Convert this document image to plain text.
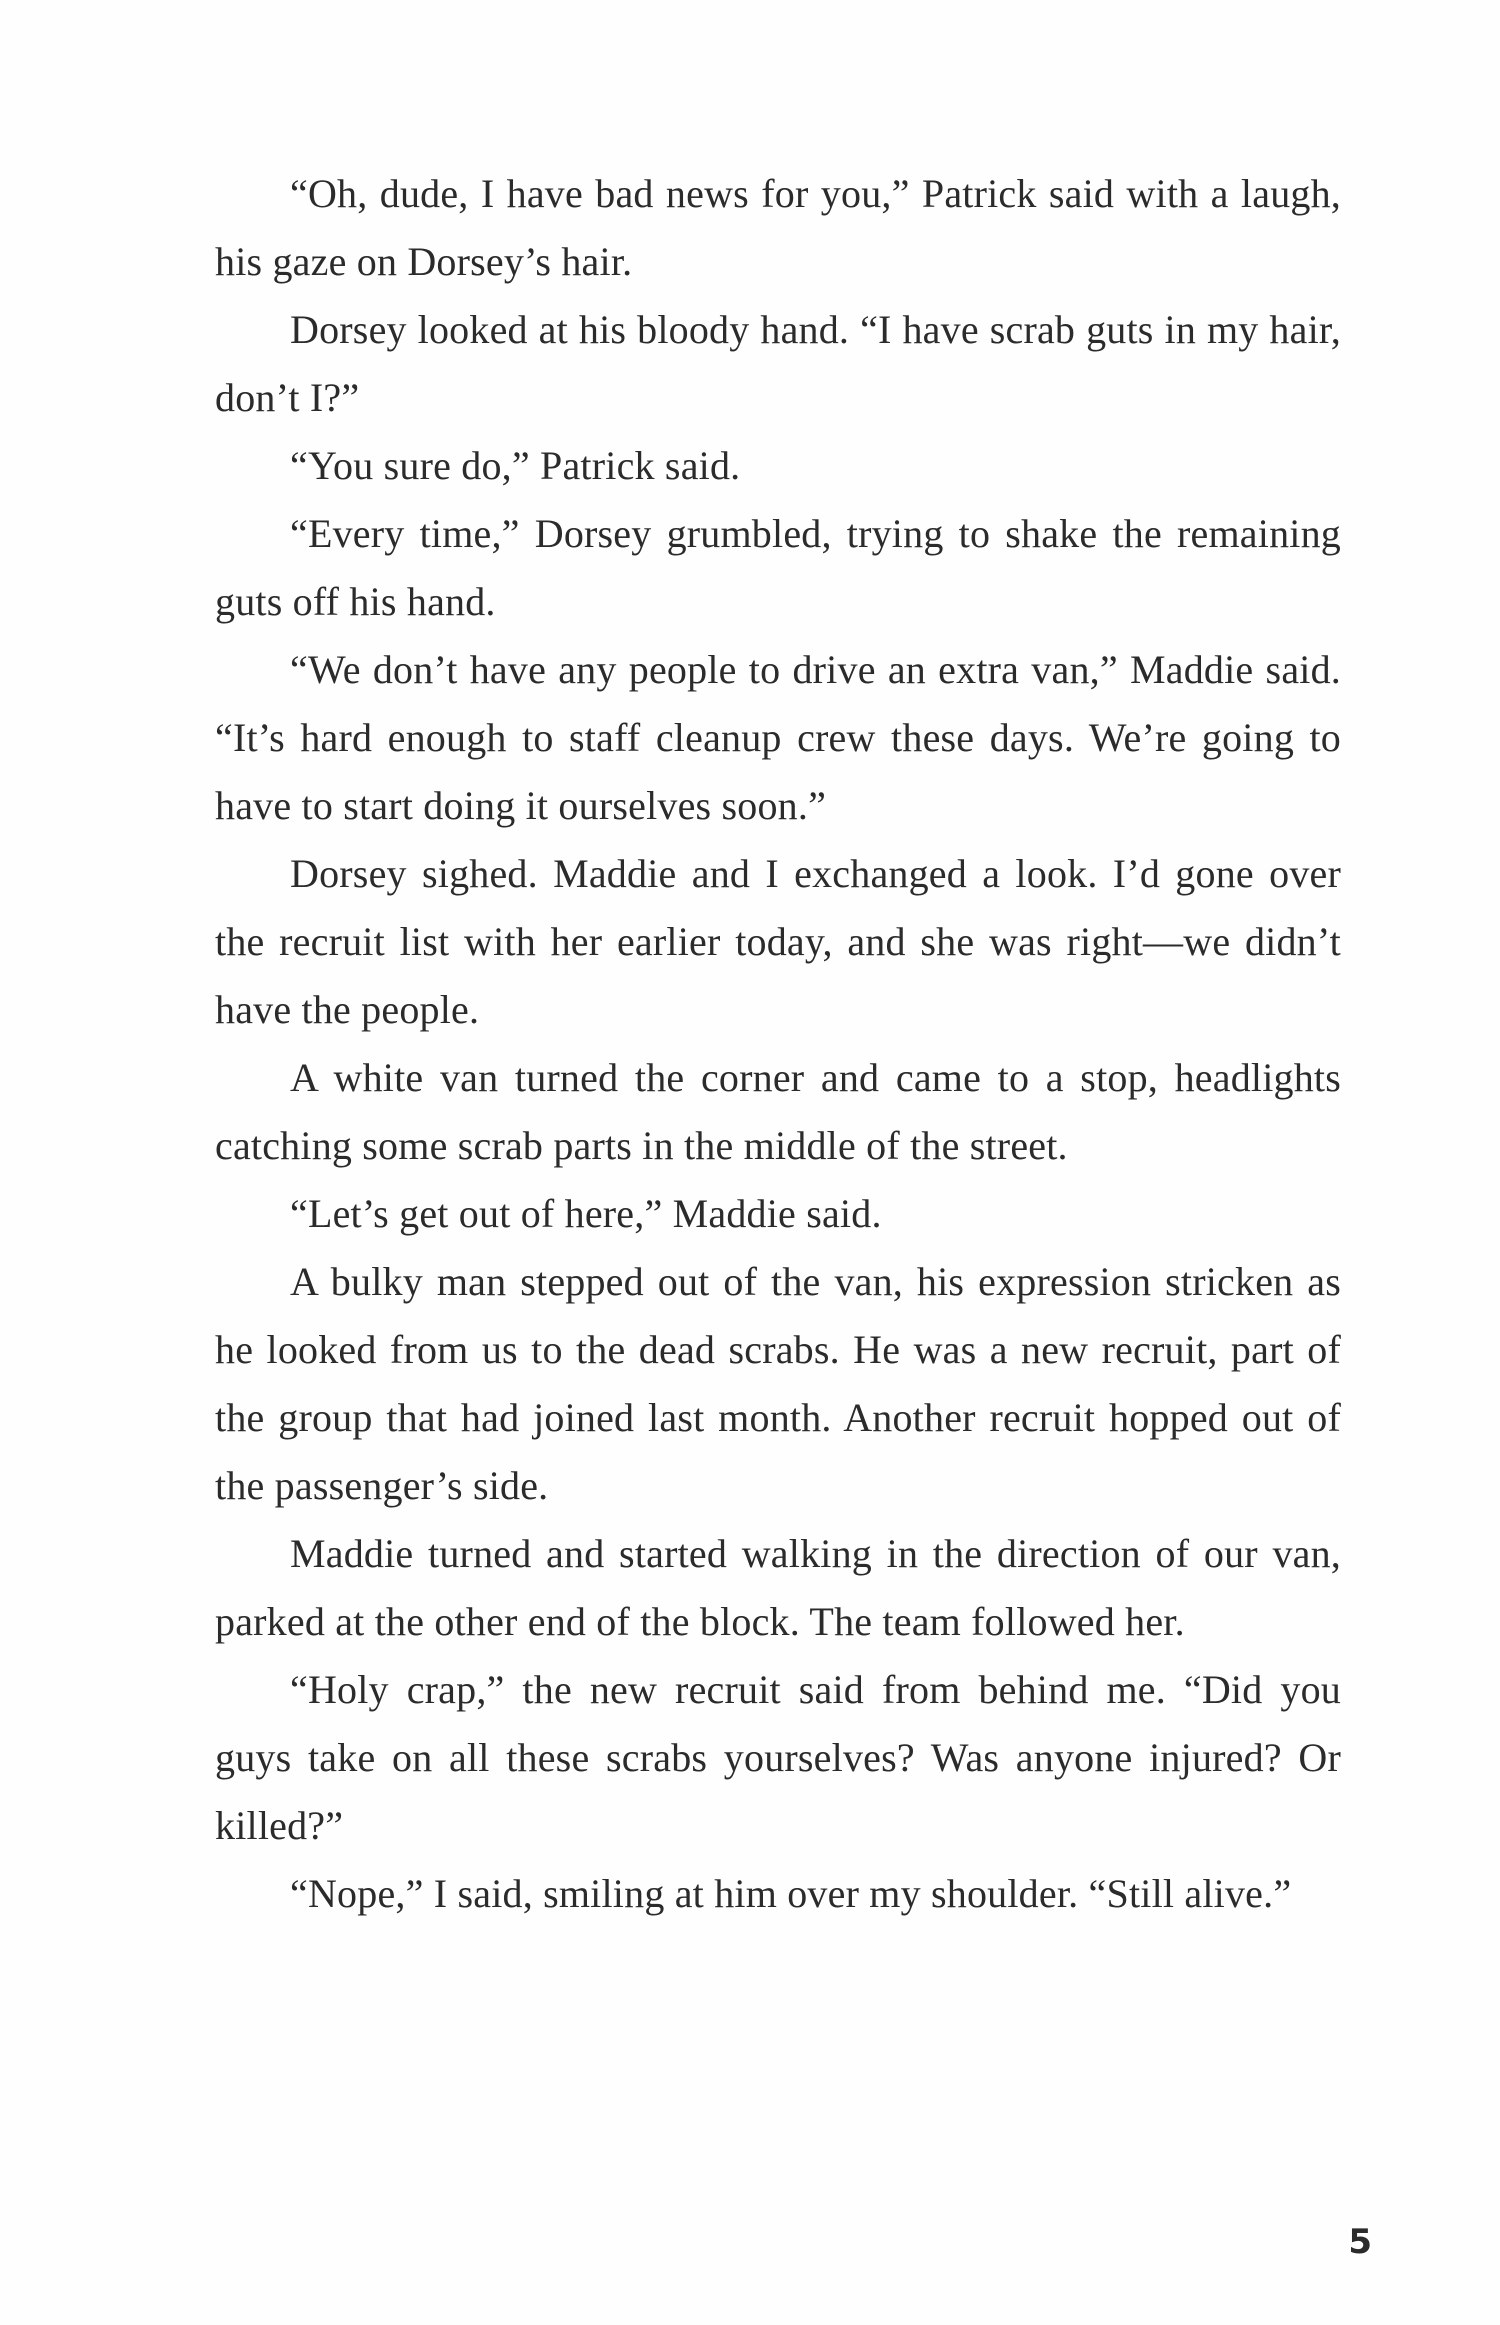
“Oh, dude, I have bad news for you,” Patrick said with a laugh, his gaze on Dorsey’s hair.

Dorsey looked at his bloody hand. “I have scrab guts in my hair, don’t I?”

“You sure do,” Patrick said.

“Every time,” Dorsey grumbled, trying to shake the remaining guts off his hand.

“We don’t have any people to drive an extra van,” Maddie said. “It’s hard enough to staff cleanup crew these days. We’re going to have to start doing it ourselves soon.”

Dorsey sighed. Maddie and I exchanged a look. I’d gone over the recruit list with her earlier today, and she was right—we didn’t have the people.

A white van turned the corner and came to a stop, headlights catching some scrab parts in the middle of the street.

“Let’s get out of here,” Maddie said.

A bulky man stepped out of the van, his expression stricken as he looked from us to the dead scrabs. He was a new recruit, part of the group that had joined last month. Another recruit hopped out of the passenger’s side.

Maddie turned and started walking in the direction of our van, parked at the other end of the block. The team followed her.

“Holy crap,” the new recruit said from behind me. “Did you guys take on all these scrabs yourselves? Was anyone injured? Or killed?”

“Nope,” I said, smiling at him over my shoulder. “Still alive.”

5
